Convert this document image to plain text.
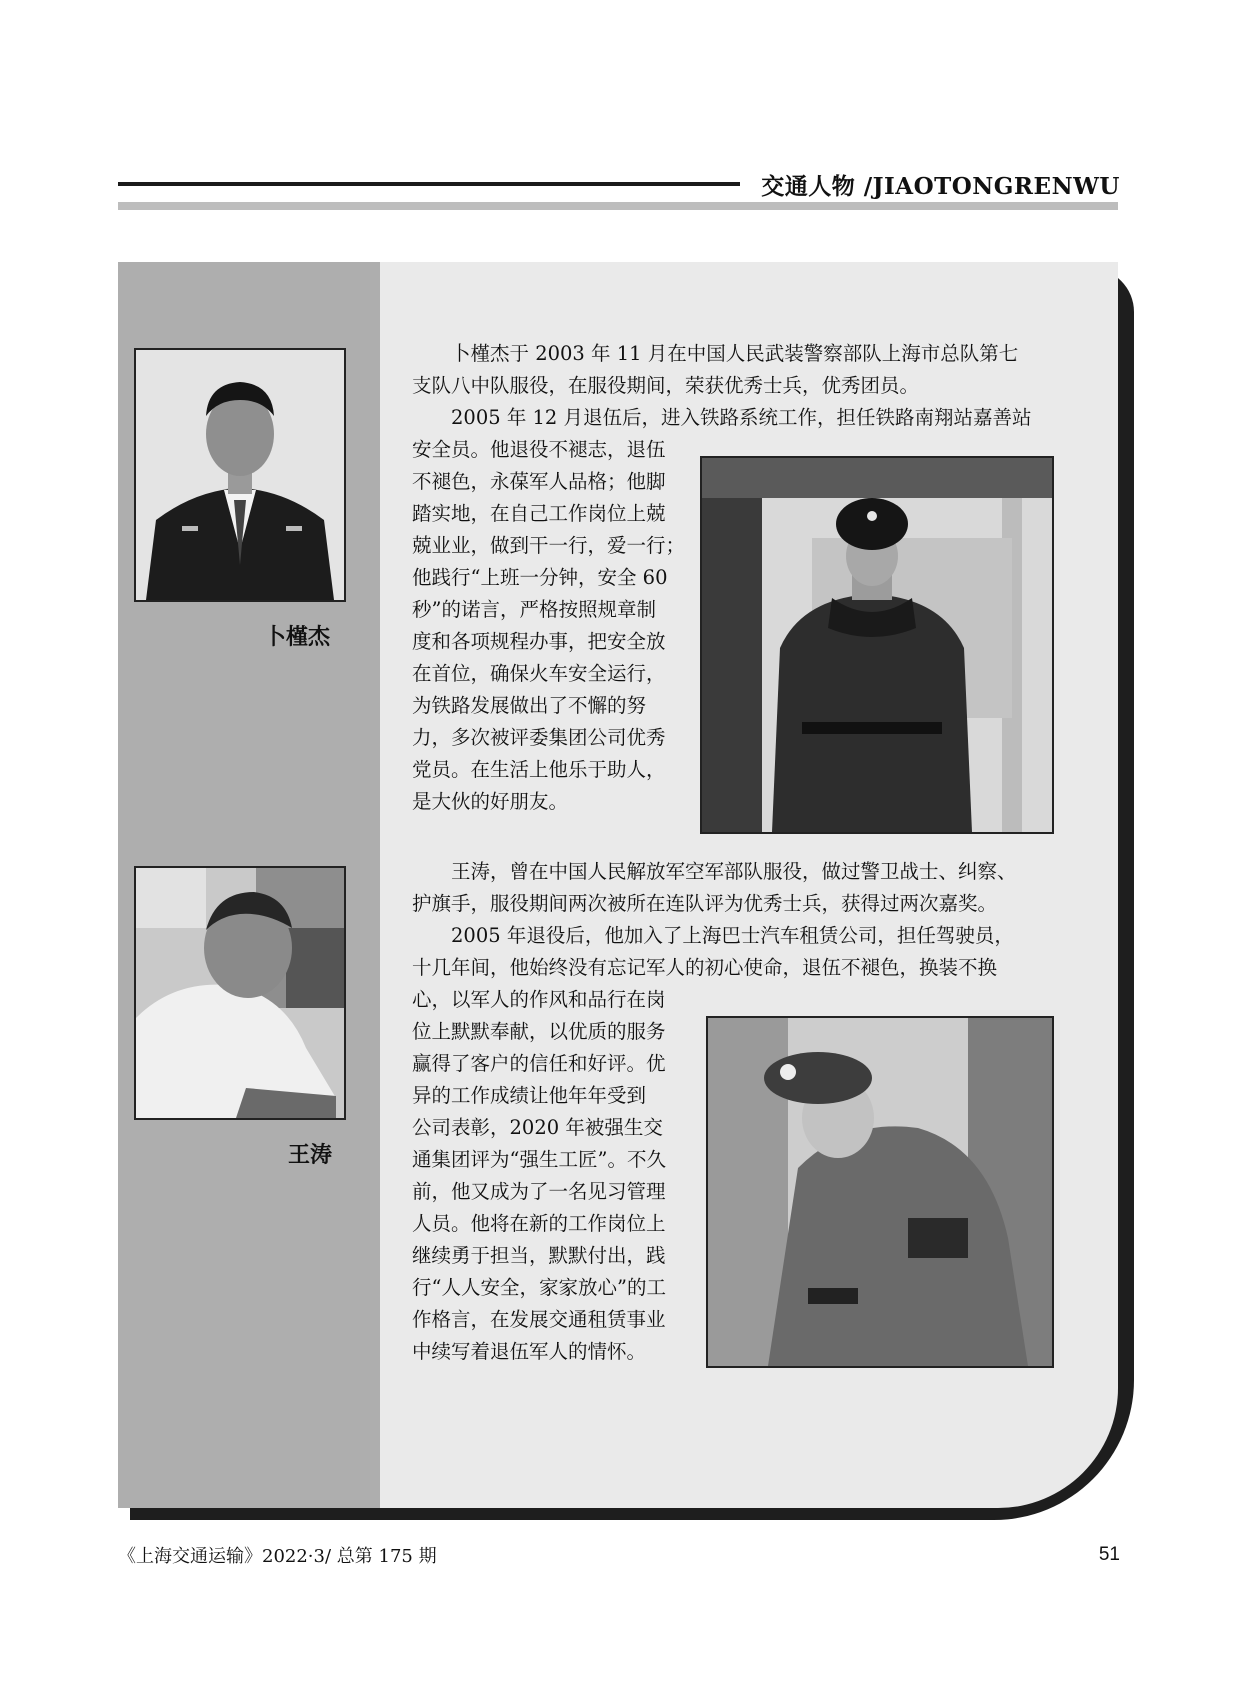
交通人物 /JIAOTONGRENWU
卜槿杰
　　卜槿杰于 2003 年 11 月在中国人民武装警察部队上海市总队第七
支队八中队服役，在服役期间，荣获优秀士兵，优秀团员。
　　2005 年 12 月退伍后，进入铁路系统工作，担任铁路南翔站嘉善站
安全员。他退役不褪志，退伍
不褪色，永葆军人品格；他脚
踏实地，在自己工作岗位上兢
兢业业，做到干一行，爱一行；
他践行“上班一分钟，安全 60
秒”的诺言，严格按照规章制
度和各项规程办事，把安全放
在首位，确保火车安全运行，
为铁路发展做出了不懈的努
力，多次被评委集团公司优秀
党员。在生活上他乐于助人，
是大伙的好朋友。
王涛
　　王涛，曾在中国人民解放军空军部队服役，做过警卫战士、纠察、
护旗手，服役期间两次被所在连队评为优秀士兵，获得过两次嘉奖。
　　2005 年退役后，他加入了上海巴士汽车租赁公司，担任驾驶员，
十几年间，他始终没有忘记军人的初心使命，退伍不褪色，换装不换
心，以军人的作风和品行在岗
位上默默奉献，以优质的服务
赢得了客户的信任和好评。优
异的工作成绩让他年年受到
公司表彰，2020 年被强生交
通集团评为“强生工匠”。不久
前，他又成为了一名见习管理
人员。他将在新的工作岗位上
继续勇于担当，默默付出，践
行“人人安全，家家放心”的工
作格言，在发展交通租赁事业
中续写着退伍军人的情怀。
《上海交通运输》2022·3/ 总第 175 期	51
